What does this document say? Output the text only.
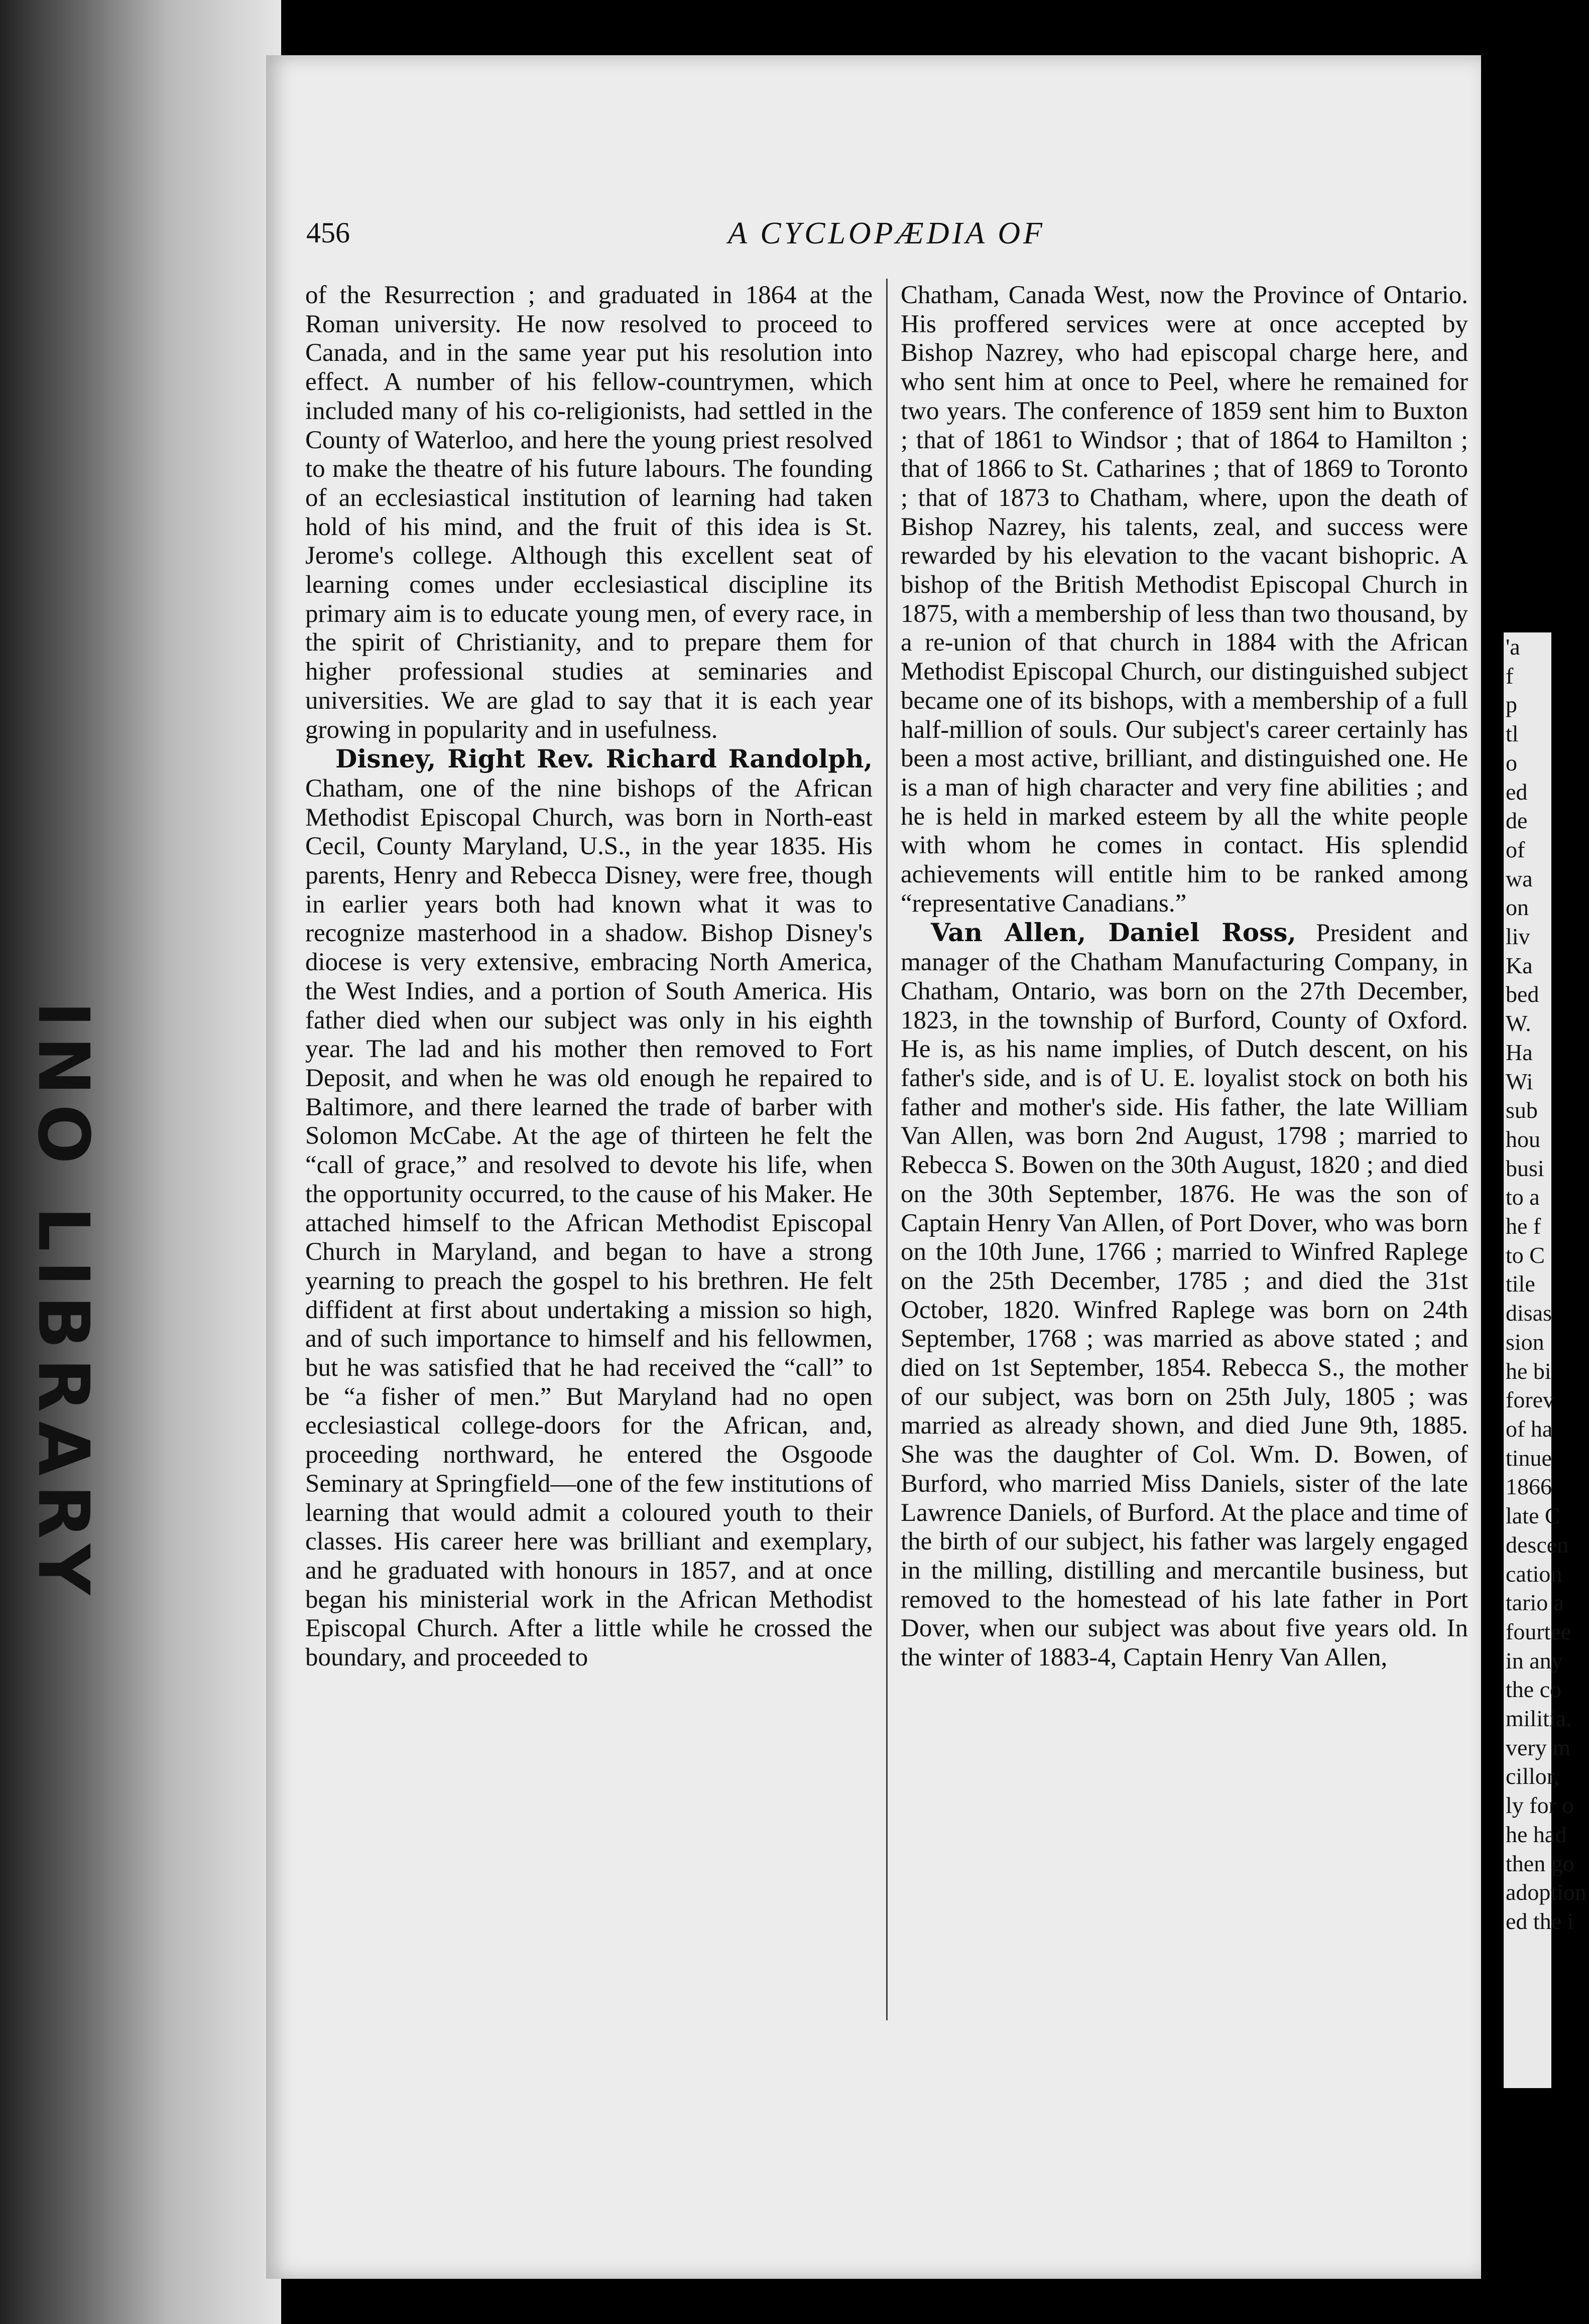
INO LIBRARY
456	A CYCLOPÆDIA OF

of the Resurrection ; and graduated in 1864 at the Roman university. He now resolved to proceed to Canada, and in the same year put his resolution into effect. A number of his fellow-countrymen, which included many of his co-religionists, had settled in the County of Waterloo, and here the young priest resolved to make the theatre of his future labours. The founding of an ecclesiastical institution of learning had taken hold of his mind, and the fruit of this idea is St. Jerome's college. Although this excellent seat of learning comes under ecclesiastical discipline its primary aim is to educate young men, of every race, in the spirit of Christianity, and to prepare them for higher professional studies at seminaries and universities. We are glad to say that it is each year growing in popularity and in usefulness.

Disney, Right Rev. Richard Randolph, Chatham, one of the nine bishops of the African Methodist Episcopal Church, was born in North-east Cecil, County Maryland, U.S., in the year 1835. His parents, Henry and Rebecca Disney, were free, though in earlier years both had known what it was to recognize masterhood in a shadow. Bishop Disney's diocese is very extensive, embracing North America, the West Indies, and a portion of South America. His father died when our subject was only in his eighth year. The lad and his mother then removed to Fort Deposit, and when he was old enough he repaired to Baltimore, and there learned the trade of barber with Solomon McCabe. At the age of thirteen he felt the “call of grace,” and resolved to devote his life, when the opportunity occurred, to the cause of his Maker. He attached himself to the African Methodist Episcopal Church in Maryland, and began to have a strong yearning to preach the gospel to his brethren. He felt diffident at first about undertaking a mission so high, and of such importance to himself and his fellowmen, but he was satisfied that he had received the “call” to be “a fisher of men.” But Maryland had no open ecclesiastical college-doors for the African, and, proceeding northward, he entered the Osgoode Seminary at Springfield—one of the few institutions of learning that would admit a coloured youth to their classes. His career here was brilliant and exemplary, and he graduated with honours in 1857, and at once began his ministerial work in the African Methodist Episcopal Church. After a little while he crossed the boundary, and proceeded to

Chatham, Canada West, now the Province of Ontario. His proffered services were at once accepted by Bishop Nazrey, who had episcopal charge here, and who sent him at once to Peel, where he remained for two years. The conference of 1859 sent him to Buxton ; that of 1861 to Windsor ; that of 1864 to Hamilton ; that of 1866 to St. Catharines ; that of 1869 to Toronto ; that of 1873 to Chatham, where, upon the death of Bishop Nazrey, his talents, zeal, and success were rewarded by his elevation to the vacant bishopric. A bishop of the British Methodist Episcopal Church in 1875, with a membership of less than two thousand, by a re-union of that church in 1884 with the African Methodist Episcopal Church, our distinguished subject became one of its bishops, with a membership of a full half-million of souls. Our subject's career certainly has been a most active, brilliant, and distinguished one. He is a man of high character and very fine abilities ; and he is held in marked esteem by all the white people with whom he comes in contact. His splendid achievements will entitle him to be ranked among “representative Canadians.”

Van Allen, Daniel Ross, President and manager of the Chatham Manufacturing Company, in Chatham, Ontario, was born on the 27th December, 1823, in the township of Burford, County of Oxford. He is, as his name implies, of Dutch descent, on his father's side, and is of U. E. loyalist stock on both his father and mother's side. His father, the late William Van Allen, was born 2nd August, 1798 ; married to Rebecca S. Bowen on the 30th August, 1820 ; and died on the 30th September, 1876. He was the son of Captain Henry Van Allen, of Port Dover, who was born on the 10th June, 1766 ; married to Winfred Raplege on the 25th December, 1785 ; and died the 31st October, 1820. Winfred Raplege was born on 24th September, 1768 ; was married as above stated ; and died on 1st September, 1854. Rebecca S., the mother of our subject, was born on 25th July, 1805 ; was married as already shown, and died June 9th, 1885. She was the daughter of Col. Wm. D. Bowen, of Burford, who married Miss Daniels, sister of the late Lawrence Daniels, of Burford. At the place and time of the birth of our subject, his father was largely engaged in the milling, distilling and mercantile business, but removed to the homestead of his late father in Port Dover, when our subject was about five years old. In the winter of 1883-4, Captain Henry Van Allen,

'a
f
p
tl
o
ed
de
of
wa
on
liv
Ka
bed
W.
Ha
Wi
sub
hou
busi
to a
he f
to C
tile
disas
sion
he bi
forev
of ha
tinue
1866
late C
descen
cation
tario a
fourtee
in any
the co
militia.
very m
cillor,
ly for o
he had
then go
adoption
ed the i
